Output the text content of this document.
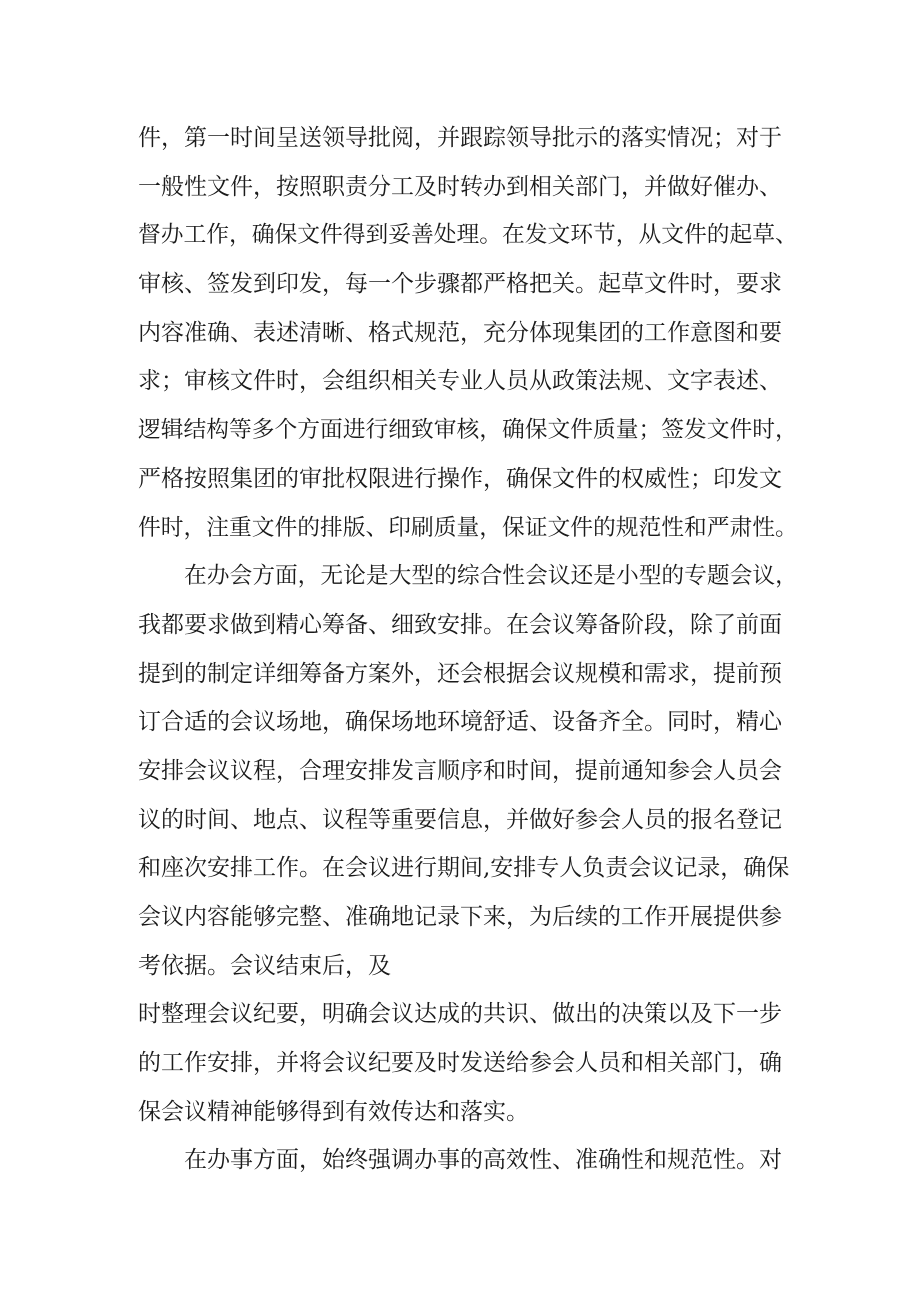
件，第一时间呈送领导批阅，并跟踪领导批示的落实情况；对于
一般性文件，按照职责分工及时转办到相关部门，并做好催办、
督办工作，确保文件得到妥善处理。在发文环节，从文件的起草、
审核、签发到印发，每一个步骤都严格把关。起草文件时，要求
内容准确、表述清晰、格式规范，充分体现集团的工作意图和要
求；审核文件时，会组织相关专业人员从政策法规、文字表述、
逻辑结构等多个方面进行细致审核，确保文件质量；签发文件时，
严格按照集团的审批权限进行操作，确保文件的权威性；印发文
件时，注重文件的排版、印刷质量，保证文件的规范性和严肃性。
在办会方面，无论是大型的综合性会议还是小型的专题会议，
我都要求做到精心筹备、细致安排。在会议筹备阶段，除了前面
提到的制定详细筹备方案外，还会根据会议规模和需求，提前预
订合适的会议场地，确保场地环境舒适、设备齐全。同时，精心
安排会议议程，合理安排发言顺序和时间，提前通知参会人员会
议的时间、地点、议程等重要信息，并做好参会人员的报名登记
和座次安排工作。在会议进行期间,安排专人负责会议记录，确保
会议内容能够完整、准确地记录下来，为后续的工作开展提供参
考依据。会议结束后，及
时整理会议纪要，明确会议达成的共识、做出的决策以及下一步
的工作安排，并将会议纪要及时发送给参会人员和相关部门，确
保会议精神能够得到有效传达和落实。
在办事方面，始终强调办事的高效性、准确性和规范性。对
